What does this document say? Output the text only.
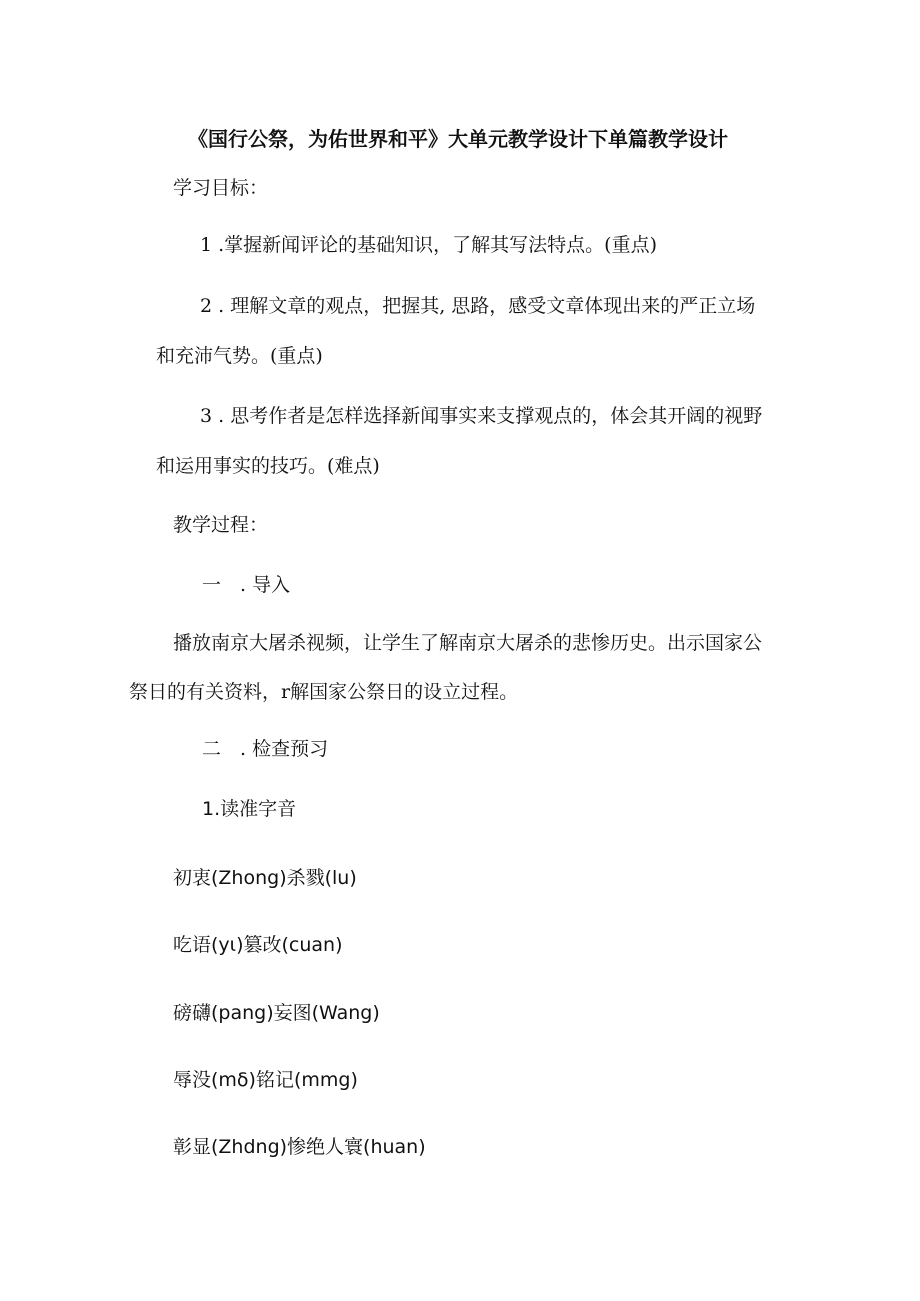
《国行公祭，为佑世界和平》大单元教学设计下单篇教学设计
学习目标：
1 .掌握新闻评论的基础知识，了解其写法特点。(重点)
2 . 理解文章的观点，把握其, 思路，感受文章体现出来的严正立场
和充沛气势。(重点)
3 . 思考作者是怎样选择新闻事实来支撑观点的，体会其开阔的视野
和运用事实的技巧。(难点)
教学过程：
一　. 导入
播放南京大屠杀视频，让学生了解南京大屠杀的悲惨历史。出示国家公
祭日的有关资料，r解国家公祭日的设立过程。
二　. 检查预习
1.读准字音
初衷(Zhong)杀戮(lu)
吃语(yι)篡改(cuan)
磅礴(pang)妄图(Wang)
辱没(mδ)铭记(mmg)
彰显(Zhdng)惨绝人寰(huan)
